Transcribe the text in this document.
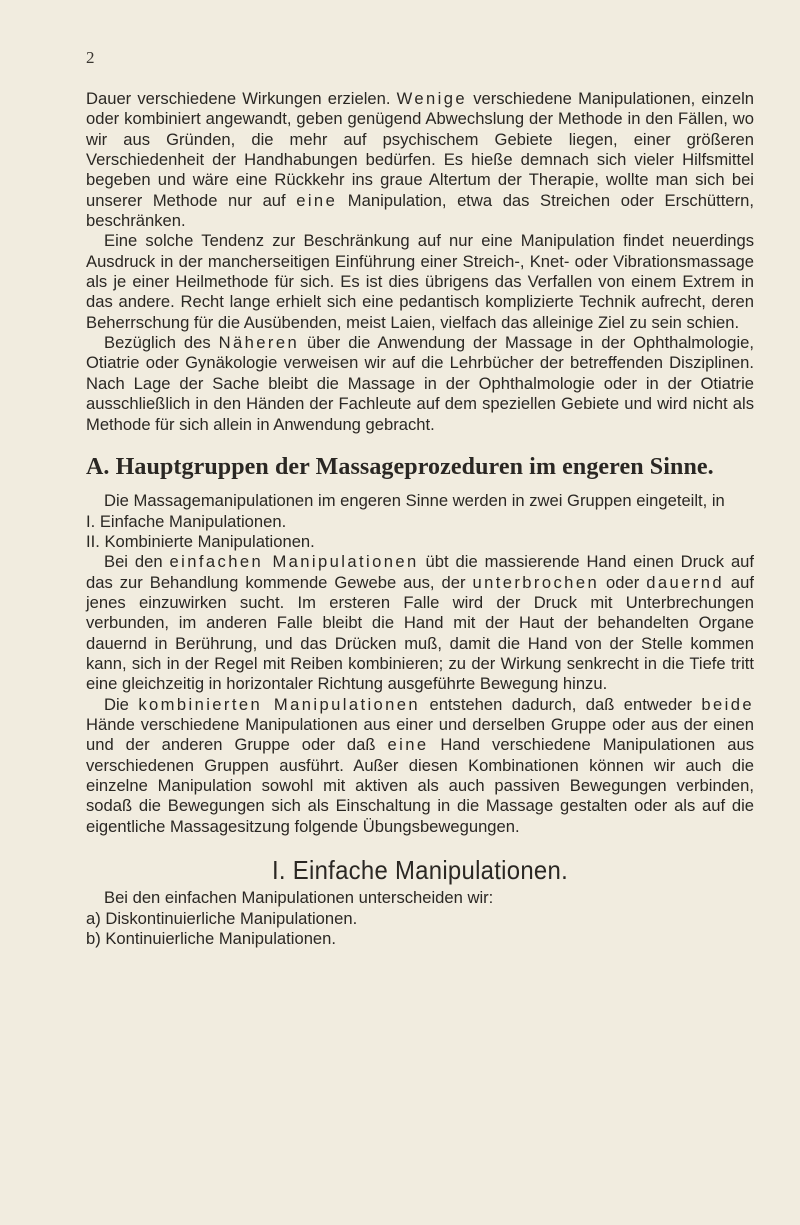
2

Dauer verschiedene Wirkungen erzielen. Wenige verschiedene Manipulationen, einzeln oder kombiniert angewandt, geben genügend Abwechslung der Methode in den Fällen, wo wir aus Gründen, die mehr auf psychischem Gebiete liegen, einer größeren Verschiedenheit der Handhabungen bedürfen. Es hieße demnach sich vieler Hilfsmittel begeben und wäre eine Rückkehr ins graue Altertum der Therapie, wollte man sich bei unserer Methode nur auf eine Manipulation, etwa das Streichen oder Erschüttern, beschränken.

Eine solche Tendenz zur Beschränkung auf nur eine Manipulation findet neuerdings Ausdruck in der mancherseitigen Einführung einer Streich-, Knet- oder Vibrationsmassage als je einer Heilmethode für sich. Es ist dies übrigens das Verfallen von einem Extrem in das andere. Recht lange erhielt sich eine pedantisch komplizierte Technik aufrecht, deren Beherrschung für die Ausübenden, meist Laien, vielfach das alleinige Ziel zu sein schien.

Bezüglich des Näheren über die Anwendung der Massage in der Ophthalmologie, Otiatrie oder Gynäkologie verweisen wir auf die Lehrbücher der betreffenden Disziplinen. Nach Lage der Sache bleibt die Massage in der Ophthalmologie oder in der Otiatrie ausschließlich in den Händen der Fachleute auf dem speziellen Gebiete und wird nicht als Methode für sich allein in Anwendung gebracht.

A. Hauptgruppen der Massageprozeduren im engeren Sinne.

Die Massagemanipulationen im engeren Sinne werden in zwei Gruppen eingeteilt, in

I. Einfache Manipulationen.

II. Kombinierte Manipulationen.

Bei den einfachen Manipulationen übt die massierende Hand einen Druck auf das zur Behandlung kommende Gewebe aus, der unterbrochen oder dauernd auf jenes einzuwirken sucht. Im ersteren Falle wird der Druck mit Unterbrechungen verbunden, im anderen Falle bleibt die Hand mit der Haut der behandelten Organe dauernd in Berührung, und das Drücken muß, damit die Hand von der Stelle kommen kann, sich in der Regel mit Reiben kombinieren; zu der Wirkung senkrecht in die Tiefe tritt eine gleichzeitig in horizontaler Richtung ausgeführte Bewegung hinzu.

Die kombinierten Manipulationen entstehen dadurch, daß entweder beide Hände verschiedene Manipulationen aus einer und derselben Gruppe oder aus der einen und der anderen Gruppe oder daß eine Hand verschiedene Manipulationen aus verschiedenen Gruppen ausführt. Außer diesen Kombinationen können wir auch die einzelne Manipulation sowohl mit aktiven als auch passiven Bewegungen verbinden, sodaß die Bewegungen sich als Einschaltung in die Massage gestalten oder als auf die eigentliche Massagesitzung folgende Übungsbewegungen.

I. Einfache Manipulationen.

Bei den einfachen Manipulationen unterscheiden wir:

a) Diskontinuierliche Manipulationen.

b) Kontinuierliche Manipulationen.
